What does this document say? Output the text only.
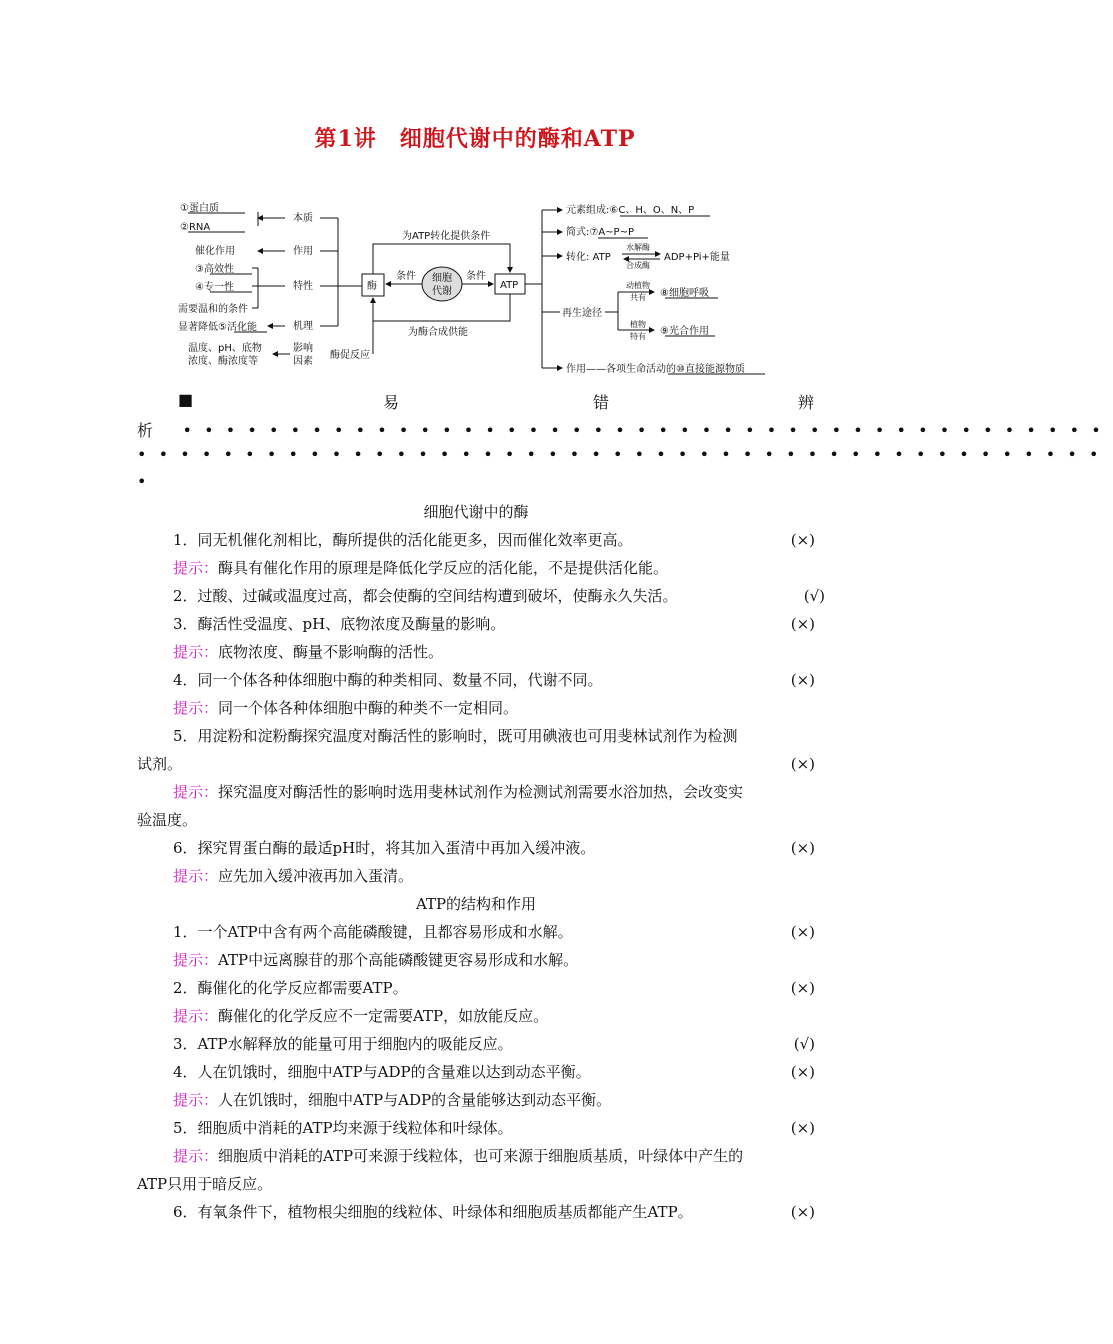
第1讲　细胞代谢中的酶和ATP
①蛋白质
②RNA
催化作用
③高效性
④专一性
需要温和的条件
显著降低⑤活化能
温度、pH、底物
浓度、酶浓度等
本质
作用
特性
机理
影响
因素
酶促反应
酶	ATP
细胞
代谢
条件	条件
为ATP转化提供条件
为酶合成供能
元素组成:⑥C、H、O、N、P
简式:⑦A~P~P
转化: ATP
水解酶
合成酶
ADP+Pi+能量
再生途径
动植物
共有 ⑧细胞呼吸
植物
特有 ⑨光合作用
作用——各项生命活动的⑩直接能源物质
■	易	错	辨
析 •••••••••••••••••••••••••••••••••••••••••••
•••••••••••••••••••••••••••••••••••••••••••••
•
细胞代谢中的酶
1．同无机催化剂相比，酶所提供的活化能更多，因而催化效率更高。	(×)
提示：酶具有催化作用的原理是降低化学反应的活化能，不是提供活化能。
2．过酸、过碱或温度过高，都会使酶的空间结构遭到破坏，使酶永久失活。	(√)
3．酶活性受温度、pH、底物浓度及酶量的影响。	(×)
提示：底物浓度、酶量不影响酶的活性。
4．同一个体各种体细胞中酶的种类相同、数量不同，代谢不同。	(×)
提示：同一个体各种体细胞中酶的种类不一定相同。
5．用淀粉和淀粉酶探究温度对酶活性的影响时，既可用碘液也可用斐林试剂作为检测
试剂。	(×)
提示：探究温度对酶活性的影响时选用斐林试剂作为检测试剂需要水浴加热，会改变实
验温度。
6．探究胃蛋白酶的最适pH时，将其加入蛋清中再加入缓冲液。	(×)
提示：应先加入缓冲液再加入蛋清。
ATP的结构和作用
1．一个ATP中含有两个高能磷酸键，且都容易形成和水解。	(×)
提示：ATP中远离腺苷的那个高能磷酸键更容易形成和水解。
2．酶催化的化学反应都需要ATP。	(×)
提示：酶催化的化学反应不一定需要ATP，如放能反应。
3．ATP水解释放的能量可用于细胞内的吸能反应。	(√)
4．人在饥饿时，细胞中ATP与ADP的含量难以达到动态平衡。	(×)
提示：人在饥饿时，细胞中ATP与ADP的含量能够达到动态平衡。
5．细胞质中消耗的ATP均来源于线粒体和叶绿体。	(×)
提示：细胞质中消耗的ATP可来源于线粒体，也可来源于细胞质基质，叶绿体中产生的
ATP只用于暗反应。
6．有氧条件下，植物根尖细胞的线粒体、叶绿体和细胞质基质都能产生ATP。	(×)
